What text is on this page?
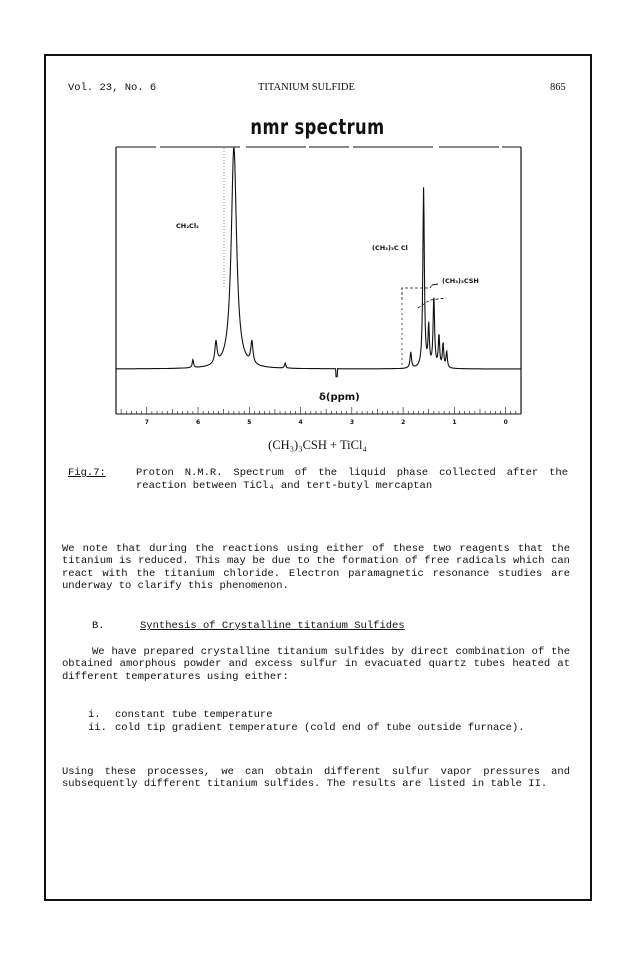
Vol. 23, No. 6	TITANIUM SULFIDE	865
nmr spectrum
7	6	5	4	3	2	1	0
δ(ppm)
CH₂Cl₂
(CH₃)₃C Cl
(CH₃)₃CSH
(CH₃)₃CSH + TiCl₄
Fig.7:	Proton N.M.R. Spectrum of the liquid phase collected after the reaction between TiCl₄ and tert-butyl mercaptan
We note that during the reactions using either of these two reagents that the titanium is reduced. This may be due to the formation of free radicals which can react with the titanium chloride. Electron paramagnetic resonance studies are underway to clarify this phenomenon.
B.	Synthesis of Crystalline titanium Sulfides
We have prepared crystalline titanium sulfides by direct combination of the obtained amorphous powder and excess sulfur in evacuated quartz tubes heated at different temperatures using either:
i. constant tube temperature
ii. cold tip gradient temperature (cold end of tube outside furnace).
Using these processes, we can obtain different sulfur vapor pressures and subsequently different titanium sulfides. The results are listed in table II.
